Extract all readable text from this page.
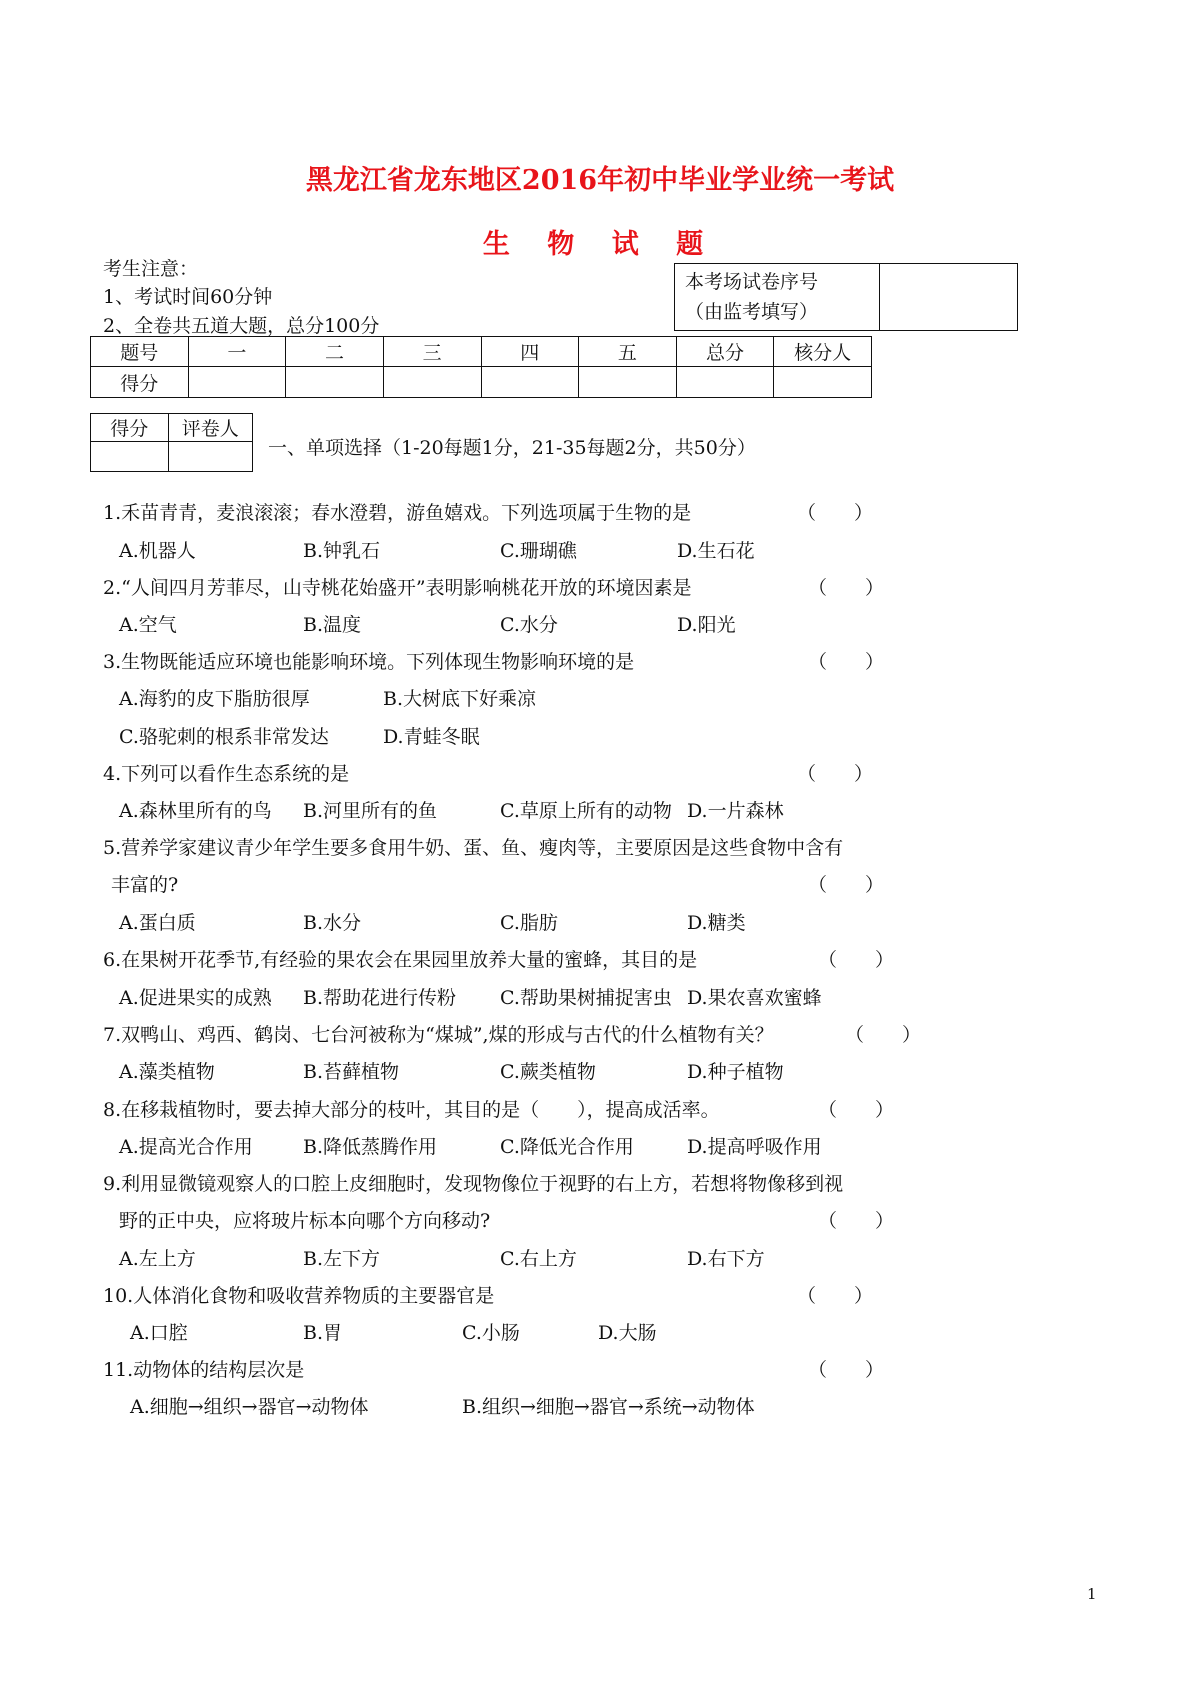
黑龙江省龙东地区2016年初中毕业学业统一考试
生 物 试 题
考生注意：
1、考试时间60分钟
2、全卷共五道大题，总分100分
本考场试卷序号
（由监考填写）

题号	一	二	三	四	五	总分	核分人
得分							
得分	评卷人

一、单项选择（1-20每题1分，21-35每题2分，共50分）
1.禾苗青青，麦浪滚滚；春水澄碧，游鱼嬉戏。下列选项属于生物的是	（　　）
A.机器人	B.钟乳石	C.珊瑚礁	D.生石花
2.“人间四月芳菲尽，山寺桃花始盛开”表明影响桃花开放的环境因素是	（　　）
A.空气	B.温度	C.水分	D.阳光
3.生物既能适应环境也能影响环境。下列体现生物影响环境的是	（　　）
A.海豹的皮下脂肪很厚	B.大树底下好乘凉
C.骆驼刺的根系非常发达	D.青蛙冬眠
4.下列可以看作生态系统的是	（　　）
A.森林里所有的鸟 B.河里所有的鱼	C.草原上所有的动物 D.一片森林
5.营养学家建议青少年学生要多食用牛奶、蛋、鱼、瘦肉等，主要原因是这些食物中含有
丰富的?	（　　）
A.蛋白质	B.水分	C.脂肪	D.糖类
6.在果树开花季节,有经验的果农会在果园里放养大量的蜜蜂，其目的是	（　　）
A.促进果实的成熟 B.帮助花进行传粉 C.帮助果树捕捉害虫 D.果农喜欢蜜蜂
7.双鸭山、鸡西、鹤岗、七台河被称为“煤城”,煤的形成与古代的什么植物有关？	（　　）
A.藻类植物	B.苔藓植物	C.蕨类植物	D.种子植物
8.在移栽植物时，要去掉大部分的枝叶，其目的是（　　），提高成活率。	（　　）
A.提高光合作用	B.降低蒸腾作用	C.降低光合作用	D.提高呼吸作用
9.利用显微镜观察人的口腔上皮细胞时，发现物像位于视野的右上方，若想将物像移到视
野的正中央，应将玻片标本向哪个方向移动?	（　　）
A.左上方	B.左下方	C.右上方	D.右下方
10.人体消化食物和吸收营养物质的主要器官是	（　　）
A.口腔	B.胃	C.小肠	D.大肠
11.动物体的结构层次是	（　　）
A.细胞→组织→器官→动物体	B.组织→细胞→器官→系统→动物体
1
